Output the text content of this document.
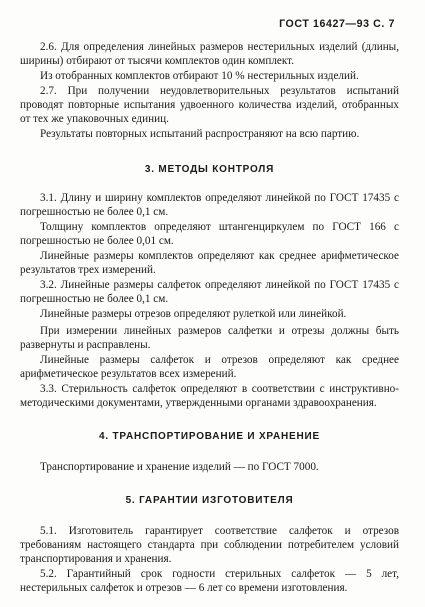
ГОСТ 16427—93 С. 7

2.6. Для определения линейных размеров нестерильных изделий (длины, ширины) отбирают от тысячи комплектов один комплект.

Из отобранных комплектов отбирают 10 % нестерильных изделий.

2.7. При получении неудовлетворительных результатов испытаний проводят повторные испытания удвоенного количества изделий, отобранных от тех же упаковочных единиц.

Результаты повторных испытаний распространяют на всю партию.

3. МЕТОДЫ КОНТРОЛЯ

3.1. Длину и ширину комплектов определяют линейкой по ГОСТ 17435 с погрешностью не более 0,1 см.

Толщину комплектов определяют штангенциркулем по ГОСТ 166 с погрешностью не более 0,01 см.

Линейные размеры комплектов определяют как среднее арифметическое результатов трех измерений.

3.2. Линейные размеры салфеток определяют линейкой по ГОСТ 17435 с погрешностью не более 0,1 см.

Линейные размеры отрезов определяют рулеткой или линейкой.

При измерении линейных размеров салфетки и отрезы должны быть развернуты и расправлены.

Линейные размеры салфеток и отрезов определяют как среднее арифметическое результатов всех измерений.

3.3. Стерильность салфеток определяют в соответствии с инструктивно-методическими документами, утвержденными органами здравоохранения.

4. ТРАНСПОРТИРОВАНИЕ И ХРАНЕНИЕ

Транспортирование и хранение изделий — по ГОСТ 7000.

5. ГАРАНТИИ ИЗГОТОВИТЕЛЯ

5.1. Изготовитель гарантирует соответствие салфеток и отрезов требованиям настоящего стандарта при соблюдении потребителем условий транспортирования и хранения.

5.2. Гарантийный срок годности стерильных салфеток — 5 лет, нестерильных салфеток и отрезов — 6 лет со времени изготовления.
